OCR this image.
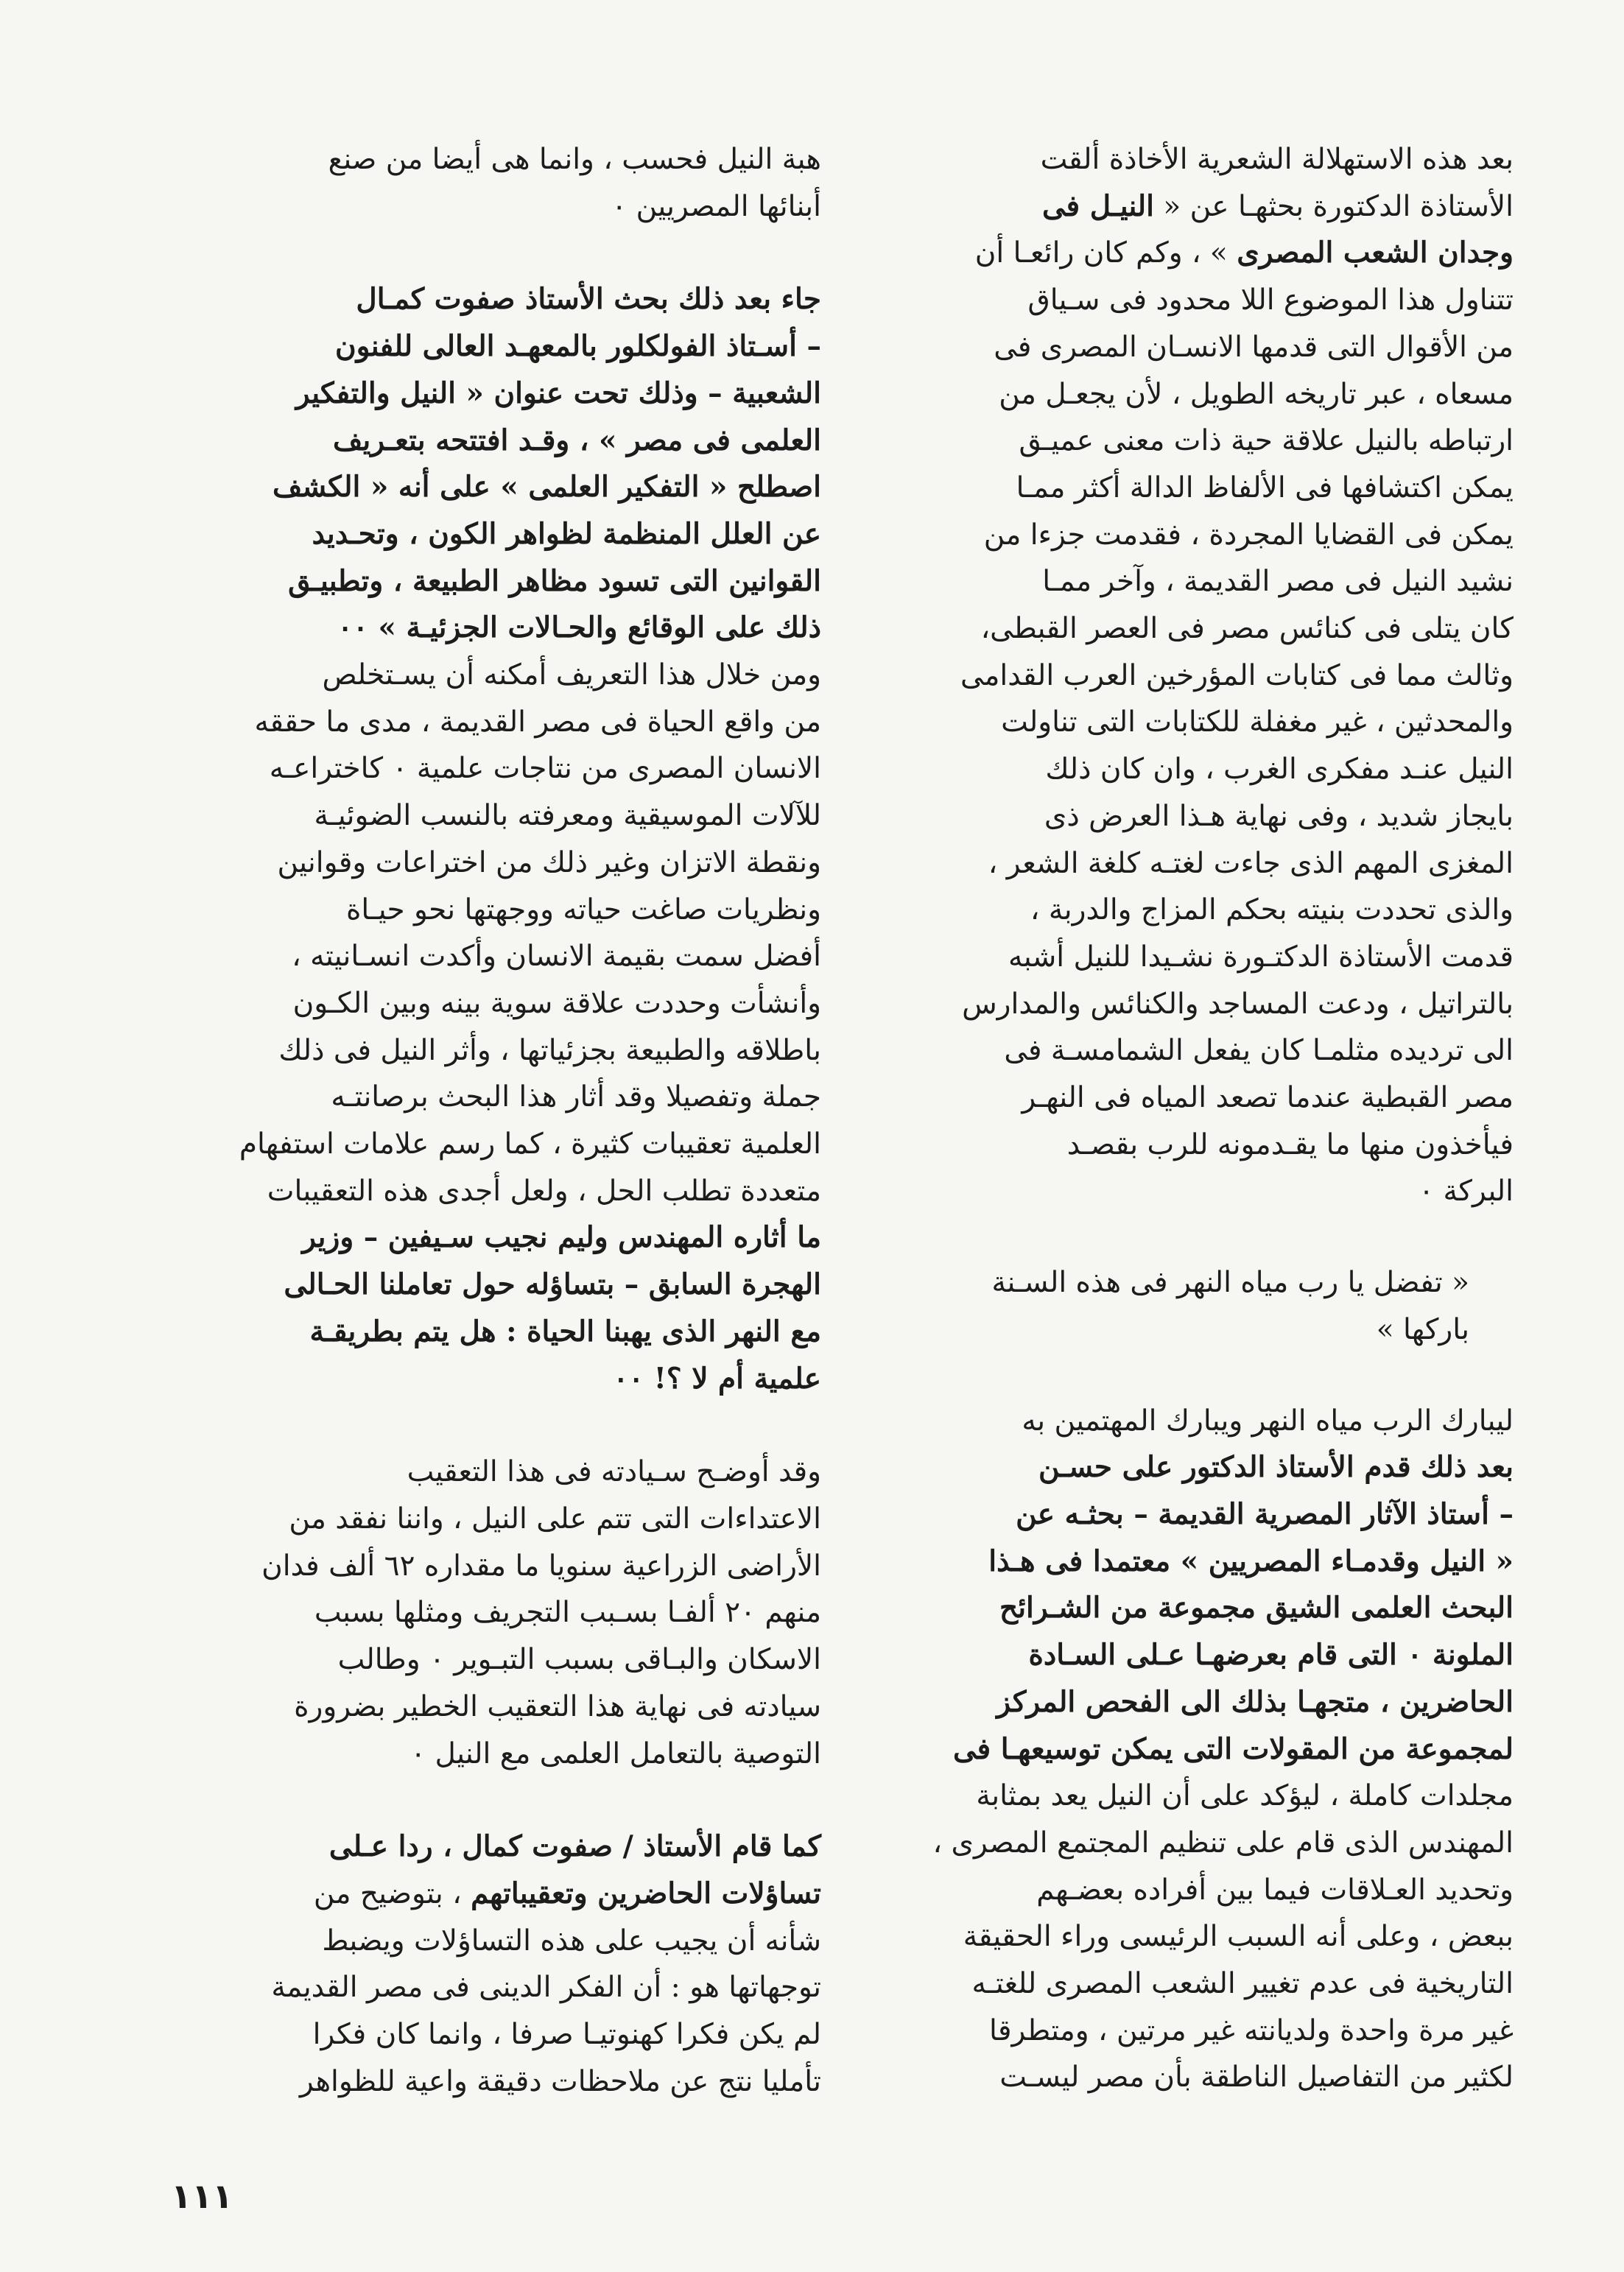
بعد هذه الاستهلالة الشعرية الأخاذة ألقت
الأستاذة الدكتورة بحثهـا عن « النيـل فى
وجدان الشعب المصرى » ، وكم كان رائعـا أن
تتناول هذا الموضوع اللا محدود فى سـياق
من الأقوال التى قدمها الانسـان المصرى فى
مسعاه ، عبر تاريخه الطويل ، لأن يجعـل من
ارتباطه بالنيل علاقة حية ذات معنى عميـق
يمكن اكتشافها فى الألفاظ الدالة أكثر ممـا
يمكن فى القضايا المجردة ، فقدمت جزءا من
نشيد النيل فى مصر القديمة ، وآخر ممـا
كان يتلى فى كنائس مصر فى العصر القبطى،
وثالث مما فى كتابات المؤرخين العرب القدامى
والمحدثين ، غير مغفلة للكتابات التى تناولت
النيل عنـد مفكرى الغرب ، وان كان ذلك
بايجاز شديد ، وفى نهاية هـذا العرض ذى
المغزى المهم الذى جاءت لغتـه كلغة الشعر ،
والذى تحددت بنيته بحكم المزاج والدربة ،
قدمت الأستاذة الدكتـورة نشـيدا للنيل أشبه
بالتراتيل ، ودعت المساجد والكنائس والمدارس
الى ترديده مثلمـا كان يفعل الشمامسـة فى
مصر القبطية عندما تصعد المياه فى النهـر
فيأخذون منها ما يقـدمونه للرب بقصـد
البركة ٠

« تفضل يا رب مياه النهر فى هذه السـنة
باركها »

ليبارك الرب مياه النهر ويبارك المهتمين به
بعد ذلك قدم الأستاذ الدكتور على حسـن
– أستاذ الآثار المصرية القديمة – بحثـه عن
« النيل وقدمـاء المصريين » معتمدا فى هـذا
البحث العلمى الشيق مجموعة من الشـرائح
الملونة ٠ التى قام بعرضهـا عـلى السـادة
الحاضرين ، متجهـا بذلك الى الفحص المركز
لمجموعة من المقولات التى يمكن توسيعهـا فى
مجلدات كاملة ، ليؤكد على أن النيل يعد بمثابة
المهندس الذى قام على تنظيم المجتمع المصرى ،
وتحديد العـلاقات فيما بين أفراده بعضـهم
ببعض ، وعلى أنه السبب الرئيسى وراء الحقيقة
التاريخية فى عدم تغيير الشعب المصرى للغتـه
غير مرة واحدة ولديانته غير مرتين ، ومتطرقا
لكثير من التفاصيل الناطقة بأن مصر ليسـت

هبة النيل فحسب ، وانما هى أيضا من صنع
أبنائها المصريين ٠

جاء بعد ذلك بحث الأستاذ صفوت كمـال
– أسـتاذ الفولكلور بالمعهـد العالى للفنون
الشعبية – وذلك تحت عنوان « النيل والتفكير
العلمى فى مصر » ، وقـد افتتحه بتعـريف
اصطلح « التفكير العلمى » على أنه « الكشف
عن العلل المنظمة لظواهر الكون ، وتحـديد
القوانين التى تسود مظاهر الطبيعة ، وتطبيـق
ذلك على الوقائع والحـالات الجزئيـة » ٠٠
ومن خلال هذا التعريف أمكنه أن يسـتخلص
من واقع الحياة فى مصر القديمة ، مدى ما حققه
الانسان المصرى من نتاجات علمية ٠ كاختراعـه
للآلات الموسيقية ومعرفته بالنسب الضوئيـة
ونقطة الاتزان وغير ذلك من اختراعات وقوانين
ونظريات صاغت حياته ووجهتها نحو حيـاة
أفضل سمت بقيمة الانسان وأكدت انسـانيته ،
وأنشأت وحددت علاقة سوية بينه وبين الكـون
باطلاقه والطبيعة بجزئياتها ، وأثر النيل فى ذلك
جملة وتفصيلا وقد أثار هذا البحث برصانتـه
العلمية تعقيبات كثيرة ، كما رسم علامات استفهام
متعددة تطلب الحل ، ولعل أجدى هذه التعقيبات
ما أثاره المهندس وليم نجيب سـيفين – وزير
الهجرة السابق – بتساؤله حول تعاملنا الحـالى
مع النهر الذى يهبنا الحياة : هل يتم بطريقـة
علمية أم لا ؟! ٠٠

وقد أوضـح سـيادته فى هذا التعقيب
الاعتداءات التى تتم على النيل ، واننا نفقد من
الأراضى الزراعية سنويا ما مقداره ٦٢ ألف فدان
منهم ٢٠ ألفـا بسـبب التجريف ومثلها بسبب
الاسكان والبـاقى بسبب التبـوير ٠ وطالب
سيادته فى نهاية هذا التعقيب الخطير بضرورة
التوصية بالتعامل العلمى مع النيل ٠

كما قام الأستاذ / صفوت كمال ، ردا عـلى
تساؤلات الحاضرين وتعقيباتهم ، بتوضيح من
شأنه أن يجيب على هذه التساؤلات ويضبط
توجهاتها هو : أن الفكر الدينى فى مصر القديمة
لم يكن فكرا كهنوتيـا صرفا ، وانما كان فكرا
تأمليا نتج عن ملاحظات دقيقة واعية للظواهر

١١١
